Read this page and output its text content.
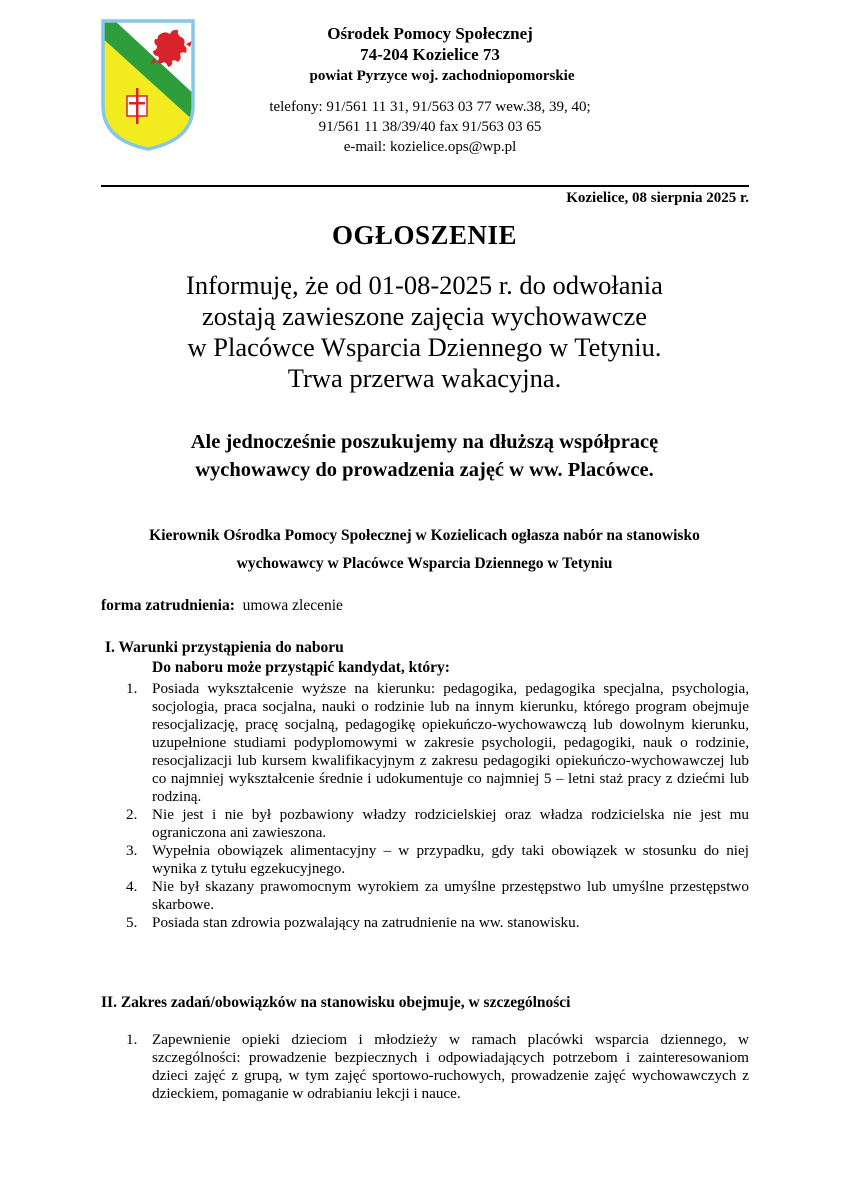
Ośrodek Pomocy Społecznej
74-204 Kozielice 73
powiat Pyrzyce woj. zachodniopomorskie
telefony: 91/561 11 31, 91/563 03 77 wew.38, 39, 40;
91/561 11 38/39/40 fax 91/563 03 65
e-mail: kozielice.ops@wp.pl
Kozielice, 08 sierpnia 2025 r.
OGŁOSZENIE
Informuję, że od 01-08-2025 r. do odwołania
zostają zawieszone zajęcia wychowawcze
w Placówce Wsparcia Dziennego w Tetyniu.
Trwa przerwa wakacyjna.
Ale jednocześnie poszukujemy na dłuższą współpracę
wychowawcy do prowadzenia zajęć w ww. Placówce.
Kierownik Ośrodka Pomocy Społecznej w Kozielicach ogłasza nabór na stanowisko
wychowawcy w Placówce Wsparcia Dziennego w Tetyniu
forma zatrudnienia: umowa zlecenie
I. Warunki przystąpienia do naboru
Do naboru może przystąpić kandydat, który:
1. Posiada wykształcenie wyższe na kierunku: pedagogika, pedagogika specjalna, psychologia, socjologia, praca socjalna, nauki o rodzinie lub na innym kierunku, którego program obejmuje resocjalizację, pracę socjalną, pedagogikę opiekuńczo-wychowawczą lub dowolnym kierunku, uzupełnione studiami podyplomowymi w zakresie psychologii, pedagogiki, nauk o rodzinie, resocjalizacji lub kursem kwalifikacyjnym z zakresu pedagogiki opiekuńczo-wychowawczej lub co najmniej wykształcenie średnie i udokumentuje co najmniej 5 – letni staż pracy z dziećmi lub rodziną.
2. Nie jest i nie był pozbawiony władzy rodzicielskiej oraz władza rodzicielska nie jest mu ograniczona ani zawieszona.
3. Wypełnia obowiązek alimentacyjny – w przypadku, gdy taki obowiązek w stosunku do niej wynika z tytułu egzekucyjnego.
4. Nie był skazany prawomocnym wyrokiem za umyślne przestępstwo lub umyślne przestępstwo skarbowe.
5. Posiada stan zdrowia pozwalający na zatrudnienie na ww. stanowisku.
II. Zakres zadań/obowiązków na stanowisku obejmuje, w szczególności
1. Zapewnienie opieki dzieciom i młodzieży w ramach placówki wsparcia dziennego, w szczególności: prowadzenie bezpiecznych i odpowiadających potrzebom i zainteresowaniom dzieci zajęć z grupą, w tym zajęć sportowo-ruchowych, prowadzenie zajęć wychowawczych z dzieckiem, pomaganie w odrabianiu lekcji i nauce.
